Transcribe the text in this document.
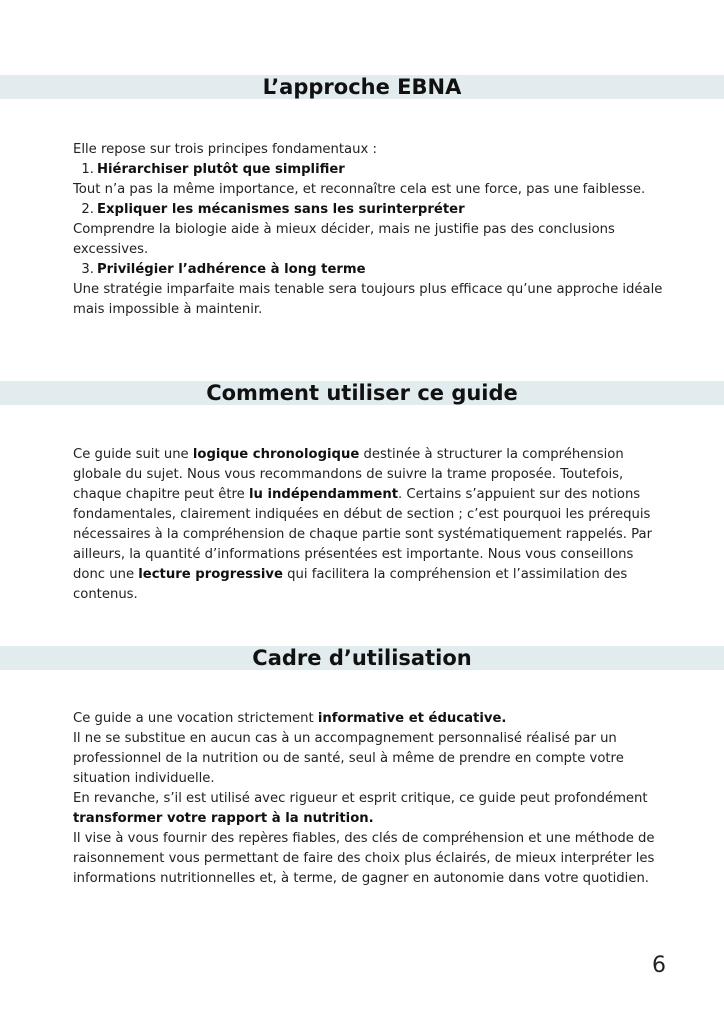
L’approche EBNA

Elle repose sur trois principes fondamentaux :

1. Hiérarchiser plutôt que simplifier

Tout n’a pas la même importance, et reconnaître cela est une force, pas une faiblesse.

2. Expliquer les mécanismes sans les surinterpréter

Comprendre la biologie aide à mieux décider, mais ne justifie pas des conclusions excessives.

3. Privilégier l’adhérence à long terme

Une stratégie imparfaite mais tenable sera toujours plus efficace qu’une approche idéale mais impossible à maintenir.

Comment utiliser ce guide

Ce guide suit une logique chronologique destinée à structurer la compréhension globale du sujet. Nous vous recommandons de suivre la trame proposée. Toutefois, chaque chapitre peut être lu indépendamment. Certains s’appuient sur des notions fondamentales, clairement indiquées en début de section ; c’est pourquoi les prérequis nécessaires à la compréhension de chaque partie sont systématiquement rappelés. Par ailleurs, la quantité d’informations présentées est importante. Nous vous conseillons donc une lecture progressive qui facilitera la compréhension et l’assimilation des contenus.

Cadre d’utilisation

Ce guide a une vocation strictement informative et éducative.

Il ne se substitue en aucun cas à un accompagnement personnalisé réalisé par un professionnel de la nutrition ou de santé, seul à même de prendre en compte votre situation individuelle.

En revanche, s’il est utilisé avec rigueur et esprit critique, ce guide peut profondément transformer votre rapport à la nutrition.

Il vise à vous fournir des repères fiables, des clés de compréhension et une méthode de raisonnement vous permettant de faire des choix plus éclairés, de mieux interpréter les informations nutritionnelles et, à terme, de gagner en autonomie dans votre quotidien.

6
